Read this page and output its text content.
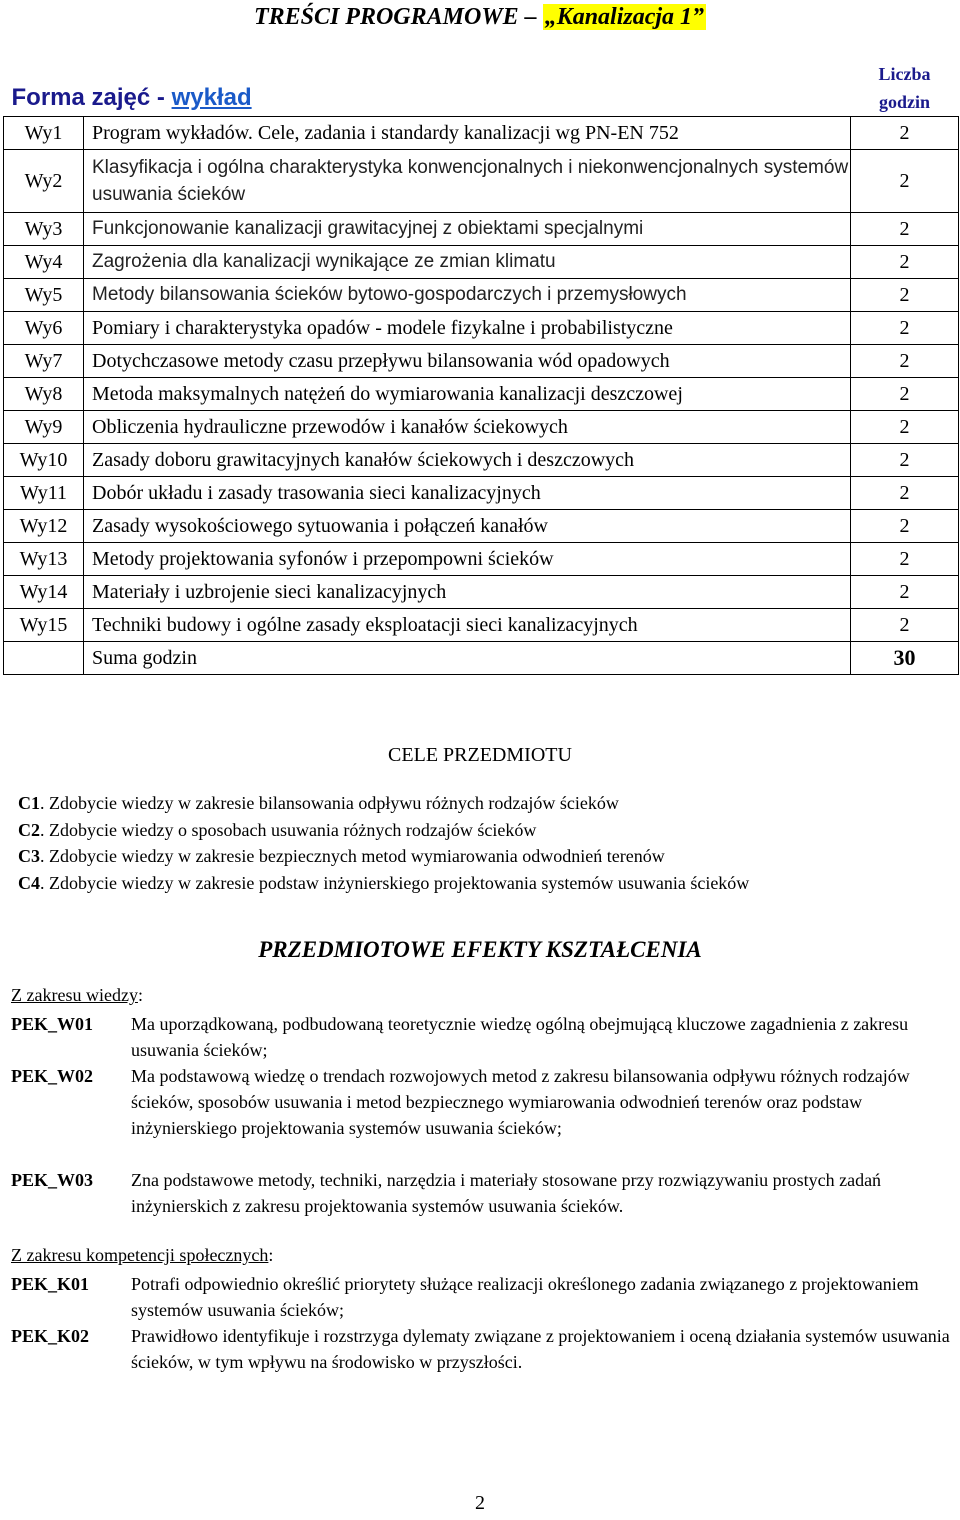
TREŚCI PROGRAMOWE – „Kanalizacja 1”
Forma zajęć - wykład		Liczba
godzin

Wy1	Program wykładów. Cele, zadania i standardy kanalizacji wg PN-EN 752	2
Wy2	Klasyfikacja i ogólna charakterystyka konwencjonalnych i niekonwencjonalnych systemów usuwania ścieków	2
Wy3	Funkcjonowanie kanalizacji grawitacyjnej z obiektami specjalnymi	2
Wy4	Zagrożenia dla kanalizacji wynikające ze zmian klimatu	2
Wy5	Metody bilansowania ścieków bytowo-gospodarczych i przemysłowych	2
Wy6	Pomiary i charakterystyka opadów - modele fizykalne i probabilistyczne	2
Wy7	Dotychczasowe metody czasu przepływu bilansowania wód opadowych	2
Wy8	Metoda maksymalnych natężeń do wymiarowania kanalizacji deszczowej	2
Wy9	Obliczenia hydrauliczne przewodów i kanałów ściekowych	2
Wy10	Zasady doboru grawitacyjnych kanałów ściekowych i deszczowych	2
Wy11	Dobór układu i zasady trasowania sieci kanalizacyjnych	2
Wy12	Zasady wysokościowego sytuowania i połączeń kanałów	2
Wy13	Metody projektowania syfonów i przepompowni ścieków	2
Wy14	Materiały i uzbrojenie sieci kanalizacyjnych	2
Wy15	Techniki budowy i ogólne zasady eksploatacji sieci kanalizacyjnych	2
	Suma godzin	30
CELE PRZEDMIOTU
C1. Zdobycie wiedzy w zakresie bilansowania odpływu różnych rodzajów ścieków
C2. Zdobycie wiedzy o sposobach usuwania różnych rodzajów ścieków
C3. Zdobycie wiedzy w zakresie bezpiecznych metod wymiarowania odwodnień terenów
C4. Zdobycie wiedzy w zakresie podstaw inżynierskiego projektowania systemów usuwania ścieków
PRZEDMIOTOWE EFEKTY KSZTAŁCENIA
Z zakresu wiedzy:
PEK_W01	Ma uporządkowaną, podbudowaną teoretycznie wiedzę ogólną obejmującą kluczowe zagadnienia z zakresu usuwania ścieków;
PEK_W02	Ma podstawową wiedzę o trendach rozwojowych metod z zakresu bilansowania odpływu różnych rodzajów ścieków, sposobów usuwania i metod bezpiecznego wymiarowania odwodnień terenów oraz podstaw inżynierskiego projektowania systemów usuwania ścieków;
PEK_W03	Zna podstawowe metody, techniki, narzędzia i materiały stosowane przy rozwiązywaniu prostych zadań inżynierskich z zakresu projektowania systemów usuwania ścieków.
Z zakresu kompetencji społecznych:
PEK_K01	Potrafi odpowiednio określić priorytety służące realizacji określonego zadania związanego z projektowaniem systemów usuwania ścieków;
PEK_K02	Prawidłowo identyfikuje i rozstrzyga dylematy związane z projektowaniem i oceną działania systemów usuwania ścieków, w tym wpływu na środowisko w przyszłości.
2
